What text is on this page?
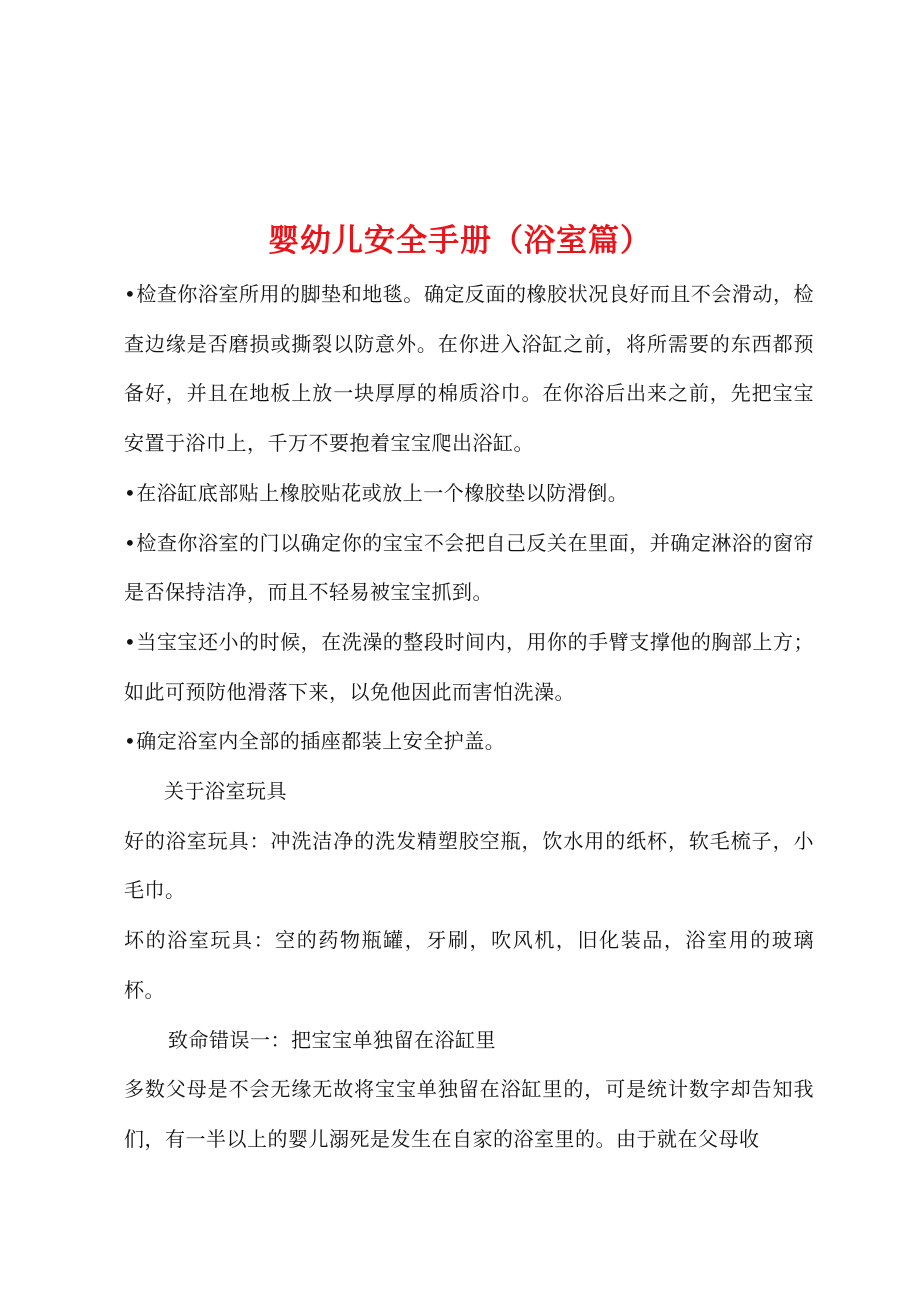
婴幼儿安全手册（浴室篇）

•检查你浴室所用的脚垫和地毯。确定反面的橡胶状况良好而且不会滑动，检查边缘是否磨损或撕裂以防意外。在你进入浴缸之前，将所需要的东西都预备好，并且在地板上放一块厚厚的棉质浴巾。在你浴后出来之前，先把宝宝安置于浴巾上，千万不要抱着宝宝爬出浴缸。

•在浴缸底部贴上橡胶贴花或放上一个橡胶垫以防滑倒。

•检查你浴室的门以确定你的宝宝不会把自己反关在里面，并确定淋浴的窗帘是否保持洁净，而且不轻易被宝宝抓到。

•当宝宝还小的时候，在洗澡的整段时间内，用你的手臂支撑他的胸部上方；如此可预防他滑落下来，以免他因此而害怕洗澡。

•确定浴室内全部的插座都装上安全护盖。

关于浴室玩具

好的浴室玩具：冲洗洁净的洗发精塑胶空瓶，饮水用的纸杯，软毛梳子，小毛巾。

坏的浴室玩具：空的药物瓶罐，牙刷，吹风机，旧化装品，浴室用的玻璃杯。

致命错误一：把宝宝单独留在浴缸里

多数父母是不会无缘无故将宝宝单独留在浴缸里的，可是统计数字却告知我们，有一半以上的婴儿溺死是发生在自家的浴室里的。由于就在父母收
